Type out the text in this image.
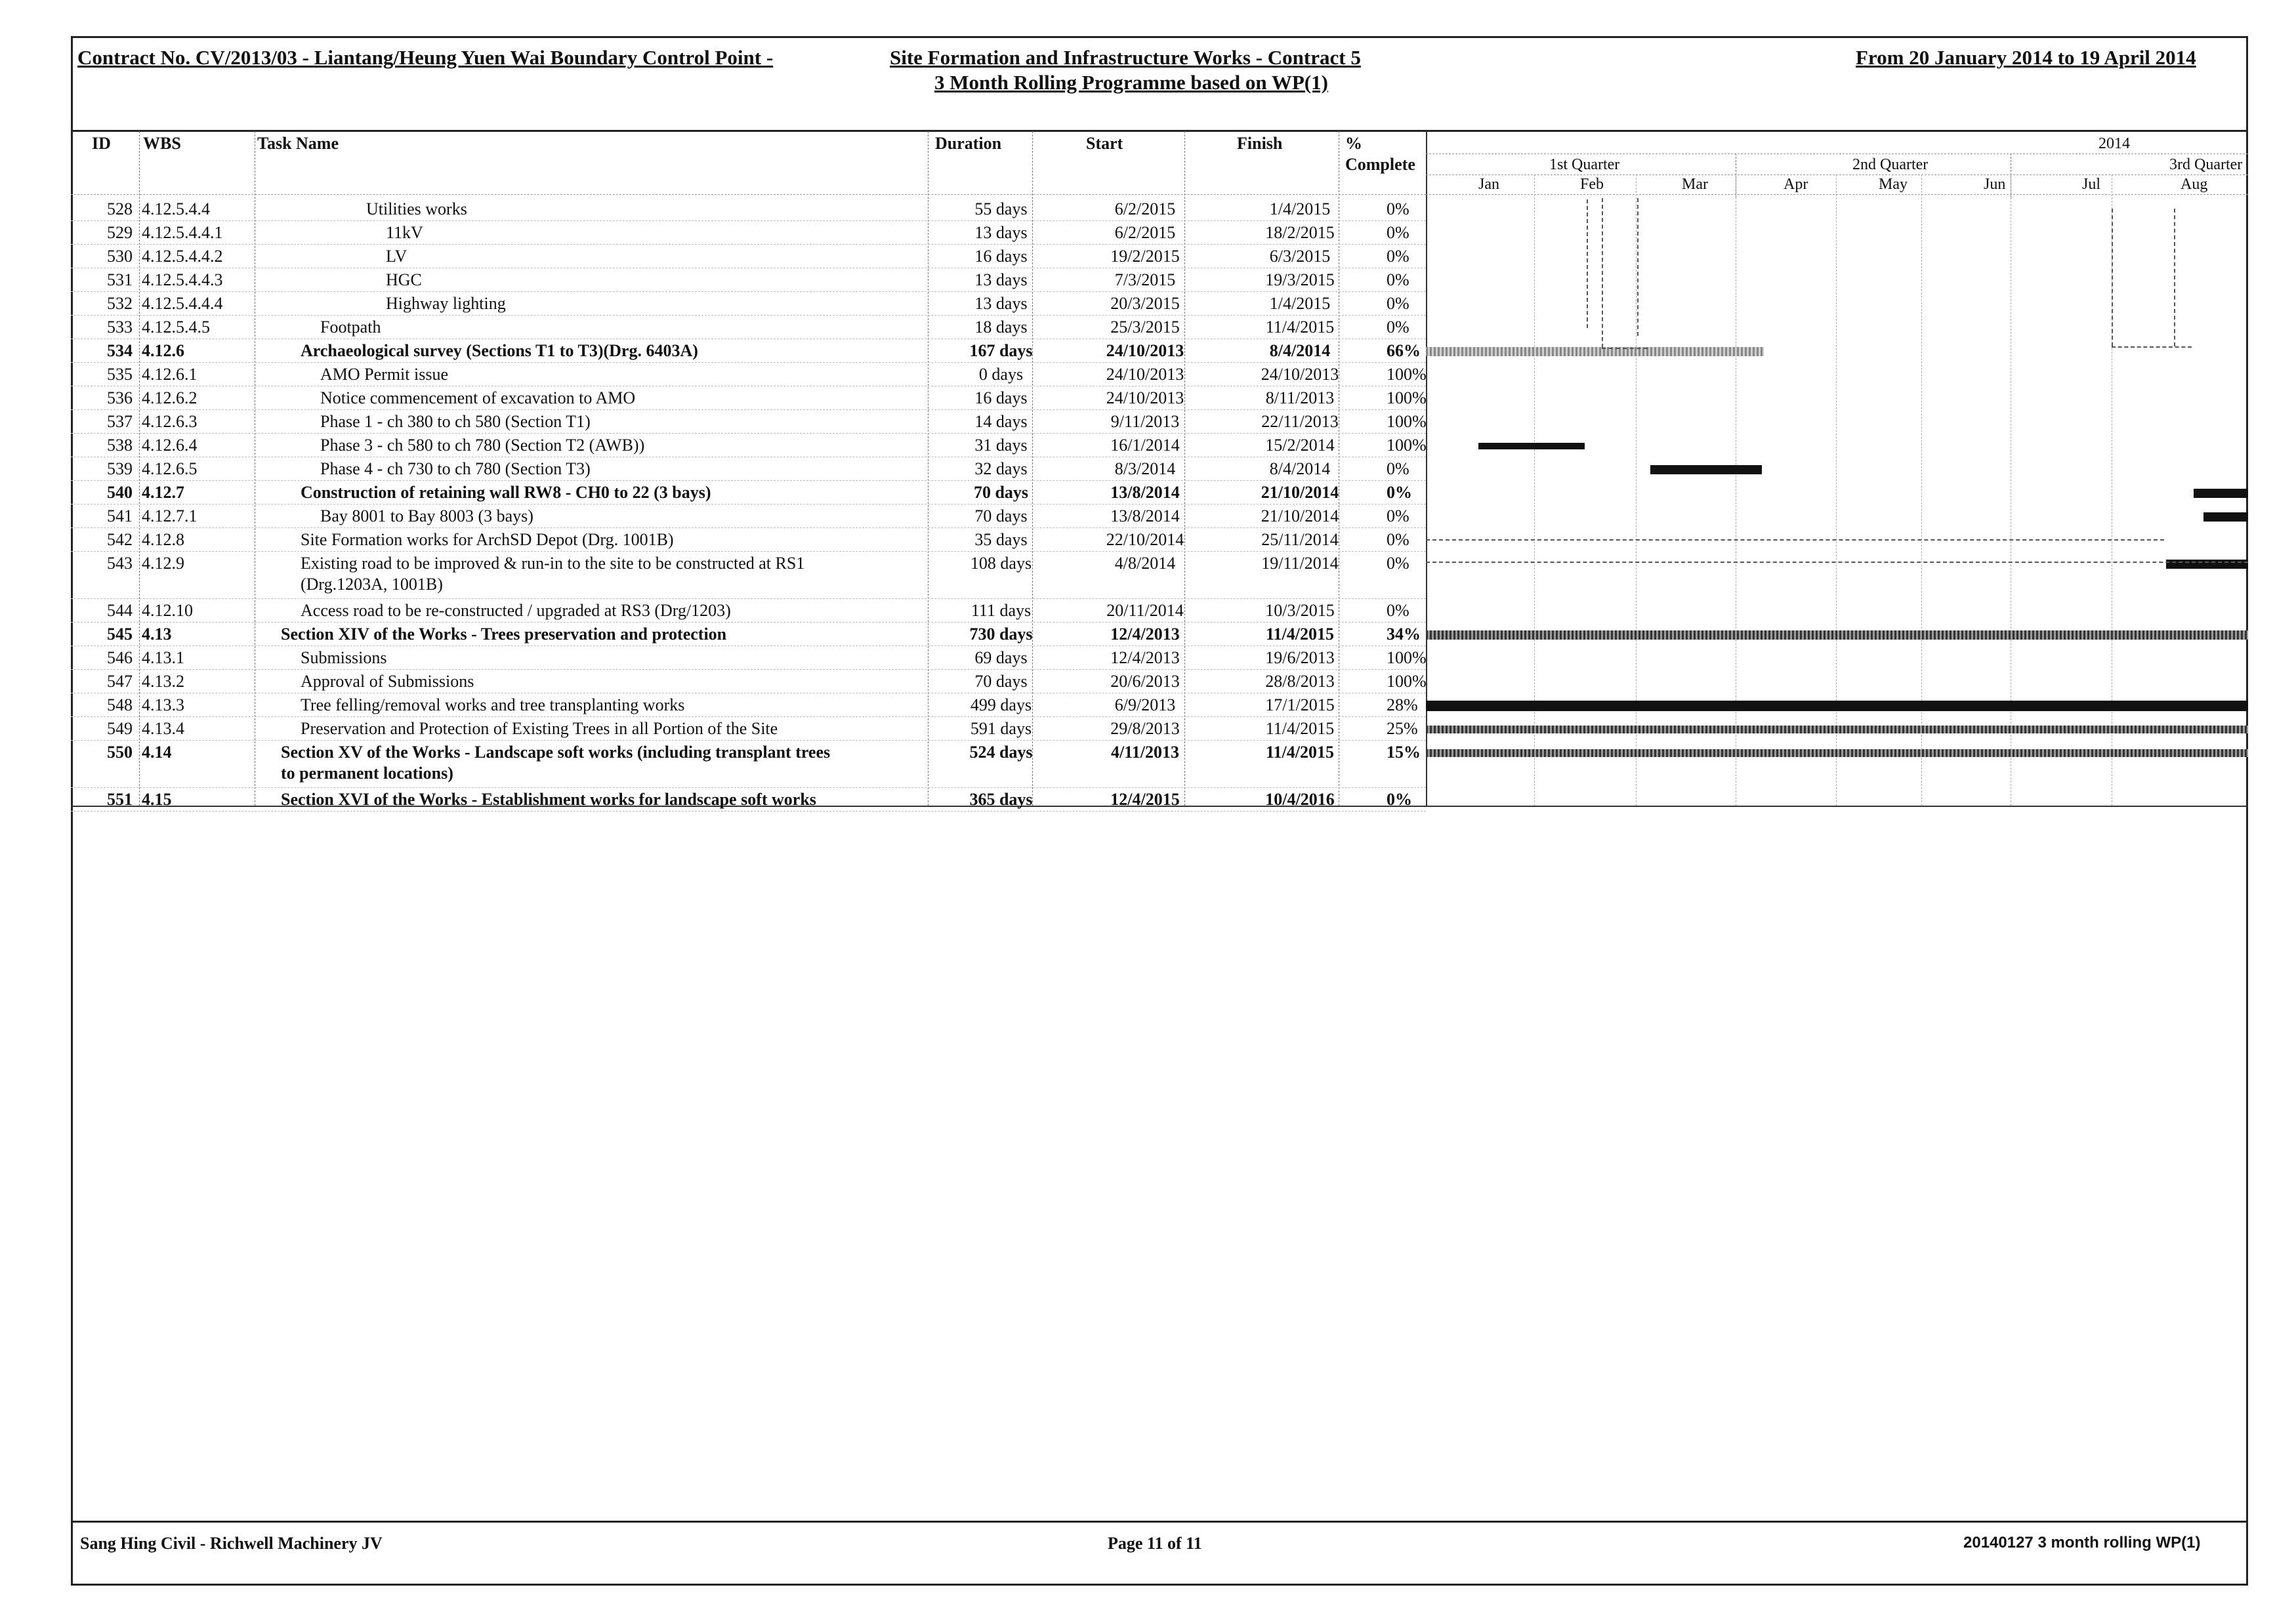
Contract No. CV/2013/03 - Liantang/Heung Yuen Wai Boundary Control Point -	Site Formation and Infrastructure Works - Contract 5
3 Month Rolling Programme based on WP(1)
From 20 January 2014 to 19 April 2014
ID WBS	Task Name	Duration	Start	Finish	%
Complete
528 4.12.5.4.4	Utilities works	55 days	6/2/2015	1/4/2015	0%
529 4.12.5.4.4.1	11kV	13 days	6/2/2015	18/2/2015	0%
530 4.12.5.4.4.2	LV	16 days	19/2/2015	6/3/2015	0%
531 4.12.5.4.4.3	HGC	13 days	7/3/2015	19/3/2015	0%
532 4.12.5.4.4.4	Highway lighting	13 days	20/3/2015	1/4/2015	0%
533 4.12.5.4.5	Footpath	18 days	25/3/2015	11/4/2015	0%
534 4.12.6	Archaeological survey (Sections T1 to T3)(Drg. 6403A)	167 days	24/10/2013	8/4/2014	66%
535 4.12.6.1	AMO Permit issue	0 days	24/10/2013	24/10/2013	100%
536 4.12.6.2	Notice commencement of excavation to AMO	16 days	24/10/2013	8/11/2013	100%
537 4.12.6.3	Phase 1 - ch 380 to ch 580 (Section T1)	14 days	9/11/2013	22/11/2013	100%
538 4.12.6.4	Phase 3 - ch 580 to ch 780 (Section T2 (AWB))	31 days	16/1/2014	15/2/2014	100%
539 4.12.6.5	Phase 4 - ch 730 to ch 780 (Section T3)	32 days	8/3/2014	8/4/2014	0%
540 4.12.7	Construction of retaining wall RW8 - CH0 to 22 (3 bays)	70 days	13/8/2014	21/10/2014	0%
541 4.12.7.1	Bay 8001 to Bay 8003 (3 bays)	70 days	13/8/2014	21/10/2014	0%
542 4.12.8	Site Formation works for ArchSD Depot (Drg. 1001B)	35 days	22/10/2014	25/11/2014	0%
543 4.12.9	Existing road to be improved & run-in to the site to be constructed at RS1	108 days	4/8/2014	19/11/2014	0%
(Drg.1203A, 1001B)
544 4.12.10	Access road to be re-constructed / upgraded at RS3 (Drg/1203)	111 days	20/11/2014	10/3/2015	0%
545 4.13	Section XIV of the Works - Trees preservation and protection	730 days	12/4/2013	11/4/2015	34%
546 4.13.1	Submissions	69 days	12/4/2013	19/6/2013	100%
547 4.13.2	Approval of Submissions	70 days	20/6/2013	28/8/2013	100%
548 4.13.3	Tree felling/removal works and tree transplanting works	499 days	6/9/2013	17/1/2015	28%
549 4.13.4	Preservation and Protection of Existing Trees in all Portion of the Site	591 days	29/8/2013	11/4/2015	25%
550 4.14	Section XV of the Works - Landscape soft works (including transplant trees	524 days	4/11/2013	11/4/2015	15%
to permanent locations)
551 4.15	Section XVI of the Works - Establishment works for landscape soft works	365 days	12/4/2015	10/4/2016	0%
2014
1st Quarter	2nd Quarter	3rd Quarter
Jan	Feb	Mar	Apr	May	Jun	Jul	Aug
Sang Hing Civil - Richwell Machinery JV	Page 11 of 11	20140127 3 month rolling WP(1)
